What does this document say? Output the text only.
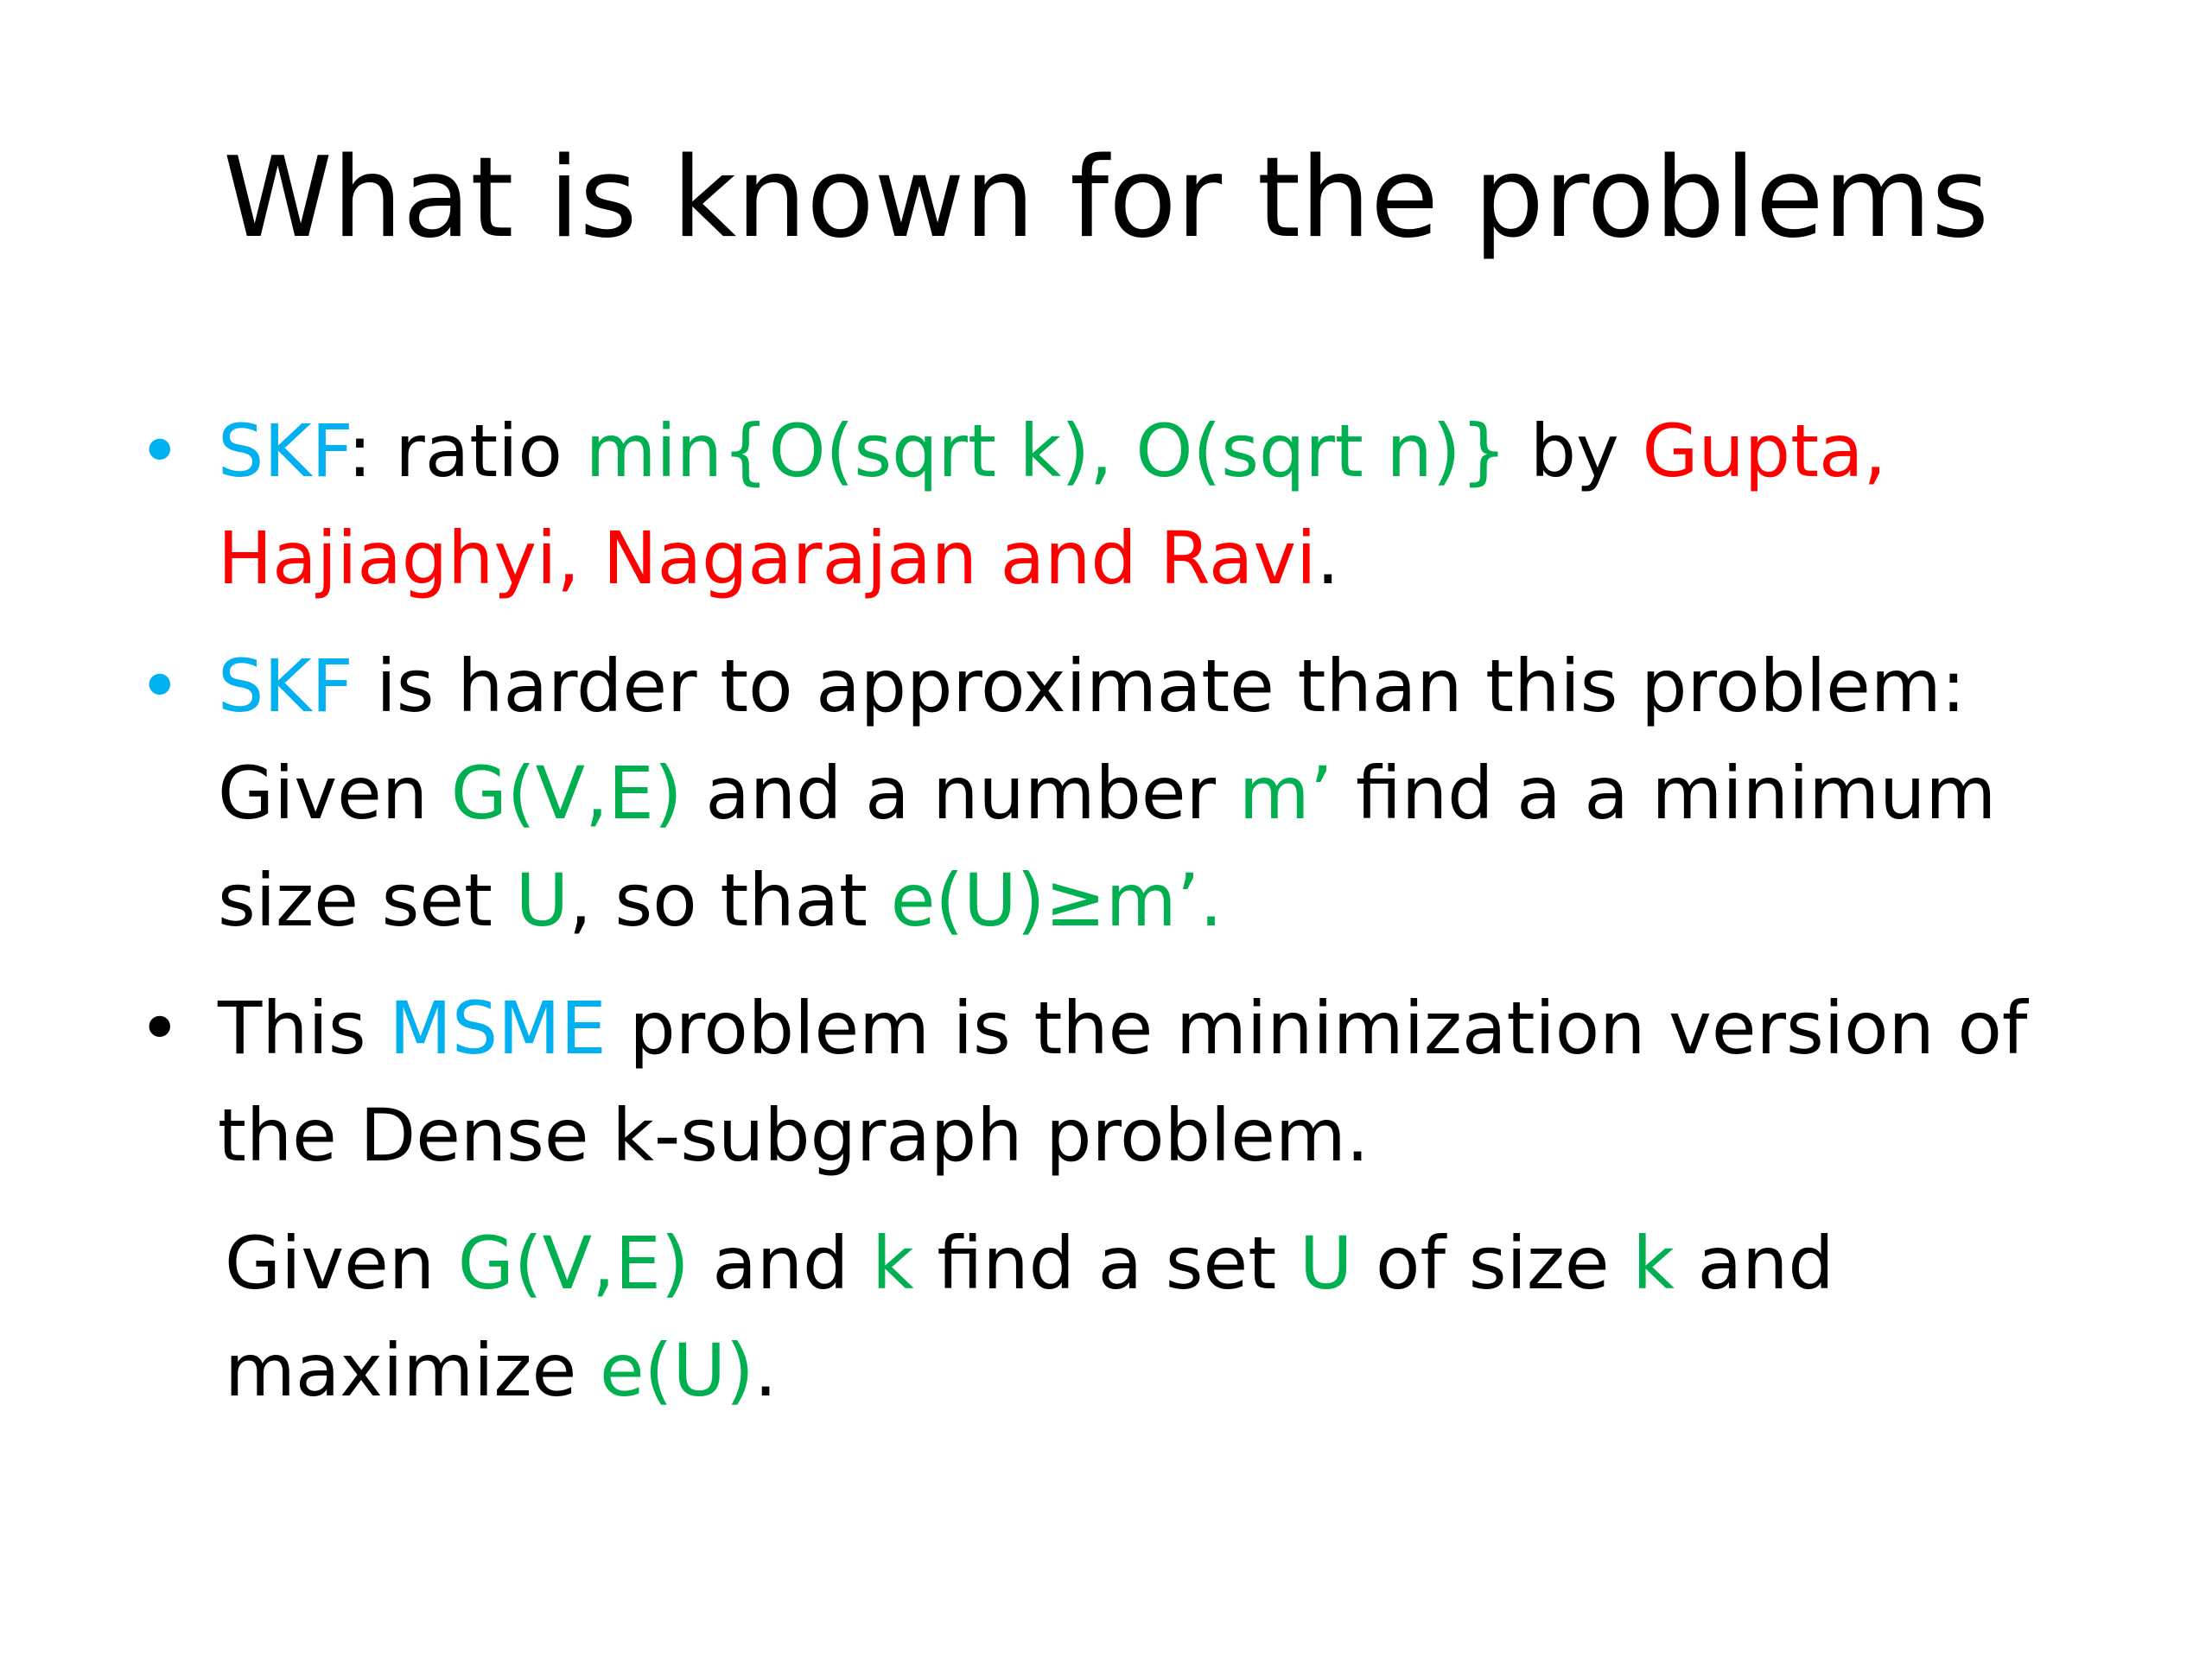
What is known for the problems
• SKF: ratio min{O(sqrt k), O(sqrt n)} by Gupta, Hajiaghyi, Nagarajan and Ravi.
• SKF is harder to approximate than this problem: Given G(V,E) and a number m’ find a a minimum size set U, so that e(U)≥m’.
• This MSME problem is the minimization version of the Dense k-subgraph problem.
Given G(V,E) and k find a set U of size k and maximize e(U).
